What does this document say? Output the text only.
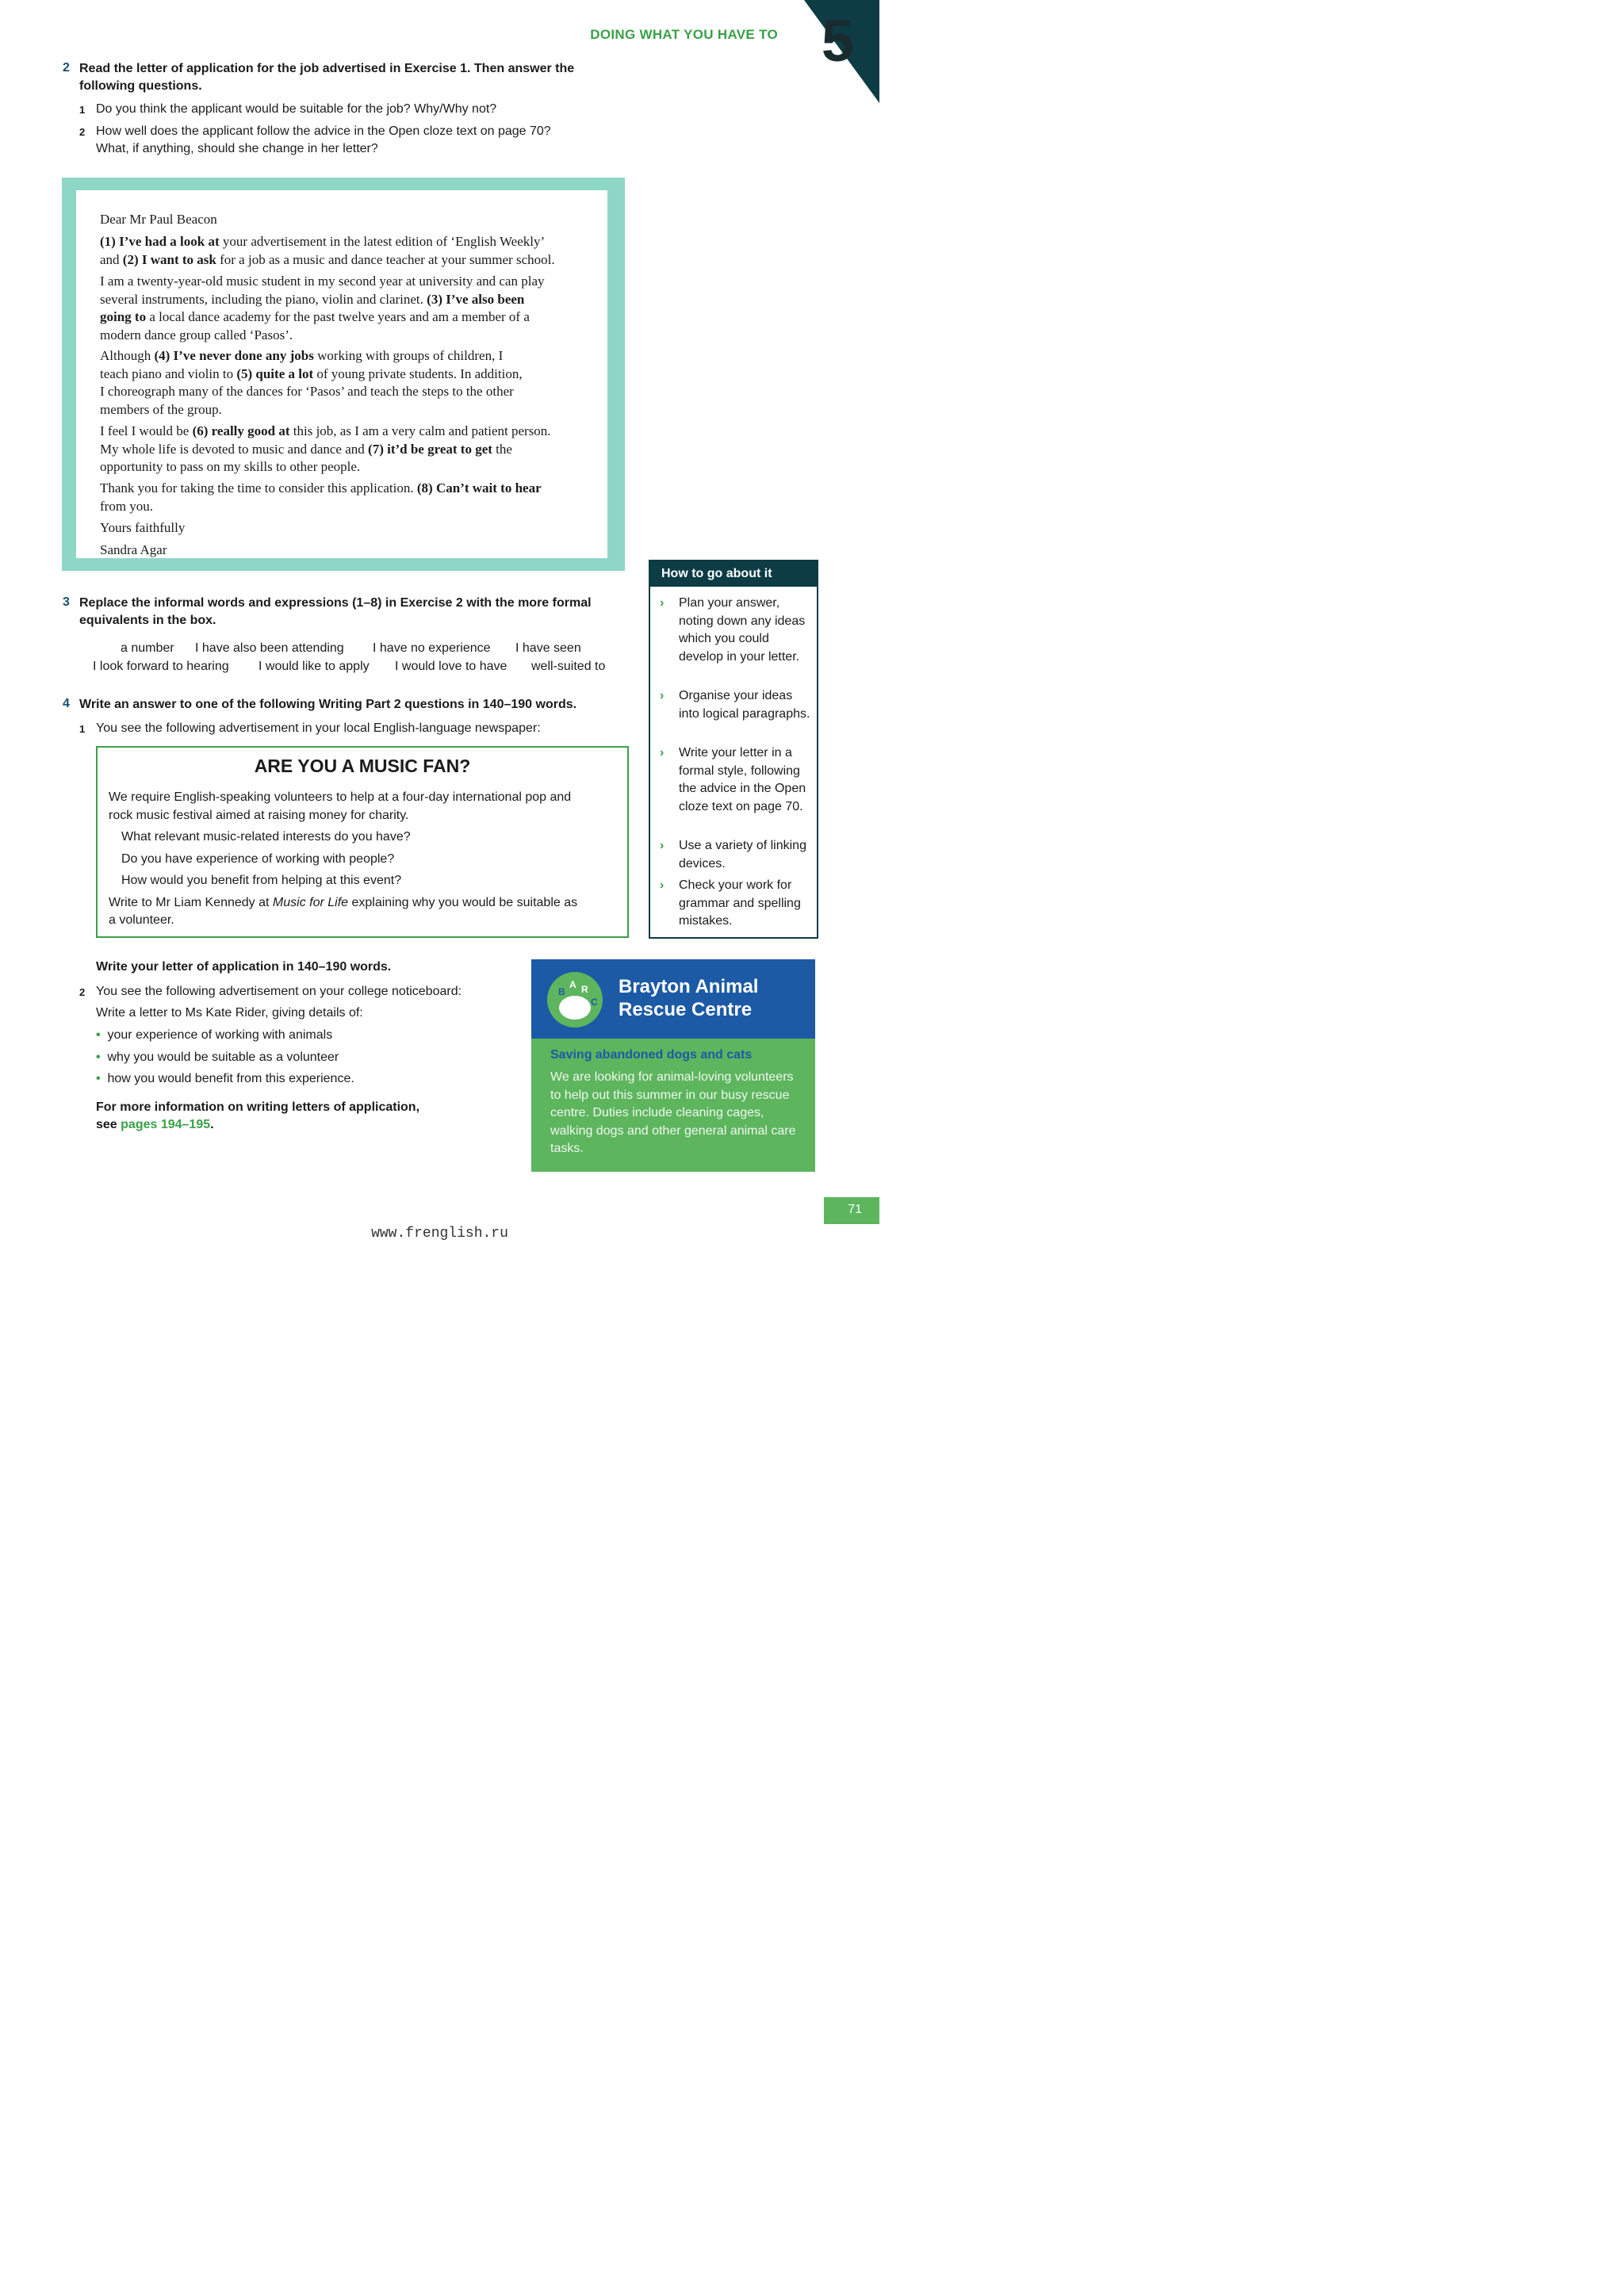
5
DOING WHAT YOU HAVE TO
2 Read the letter of application for the job advertised in Exercise 1. Then answer the
following questions.
1 Do you think the applicant would be suitable for the job? Why/Why not?
2 How well does the applicant follow the advice in the Open cloze text on page 70?
What, if anything, should she change in her letter?
Dear Mr Paul Beacon
(1) I’ve had a look at your advertisement in the latest edition of ‘English Weekly’
and (2) I want to ask for a job as a music and dance teacher at your summer school.
I am a twenty-year-old music student in my second year at university and can play
several instruments, including the piano, violin and clarinet. (3) I’ve also been
going to a local dance academy for the past twelve years and am a member of a
modern dance group called ‘Pasos’.
Although (4) I’ve never done any jobs working with groups of children, I
teach piano and violin to (5) quite a lot of young private students. In addition,
I choreograph many of the dances for ‘Pasos’ and teach the steps to the other
members of the group.
I feel I would be (6) really good at this job, as I am a very calm and patient person.
My whole life is devoted to music and dance and (7) it’d be great to get the
opportunity to pass on my skills to other people.
Thank you for taking the time to consider this application. (8) Can’t wait to hear
from you.
Yours faithfully
Sandra Agar
How to go about it
› Plan your answer, noting down any ideas which you could develop in your letter.
› Organise your ideas into logical paragraphs.
› Write your letter in a formal style, following the advice in the Open cloze text on page 70.
› Use a variety of linking devices.
› Check your work for grammar and spelling mistakes.
3 Replace the informal words and expressions (1–8) in Exercise 2 with the more formal
equivalents in the box.
a number I have also been attending I have no experience I have seen
I look forward to hearing I would like to apply I would love to have well-suited to
4 Write an answer to one of the following Writing Part 2 questions in 140–190 words.
1 You see the following advertisement in your local English-language newspaper:
ARE YOU A MUSIC FAN?
We require English-speaking volunteers to help at a four-day international pop and
rock music festival aimed at raising money for charity.
What relevant music-related interests do you have?
Do you have experience of working with people?
How would you benefit from helping at this event?
Write to Mr Liam Kennedy at Music for Life explaining why you would be suitable as
a volunteer.
Write your letter of application in 140–190 words.
2 You see the following advertisement on your college noticeboard:
Write a letter to Ms Kate Rider, giving details of:
• your experience of working with animals
• why you would be suitable as a volunteer
• how you would benefit from this experience.
For more information on writing letters of application,
see pages 194–195.
B
A R
C
Brayton Animal
Rescue Centre
Saving abandoned dogs and cats
We are looking for animal-loving volunteers to help out this summer in our busy rescue centre. Duties include cleaning cages, walking dogs and other general animal care tasks.
71
www.frenglish.ru
